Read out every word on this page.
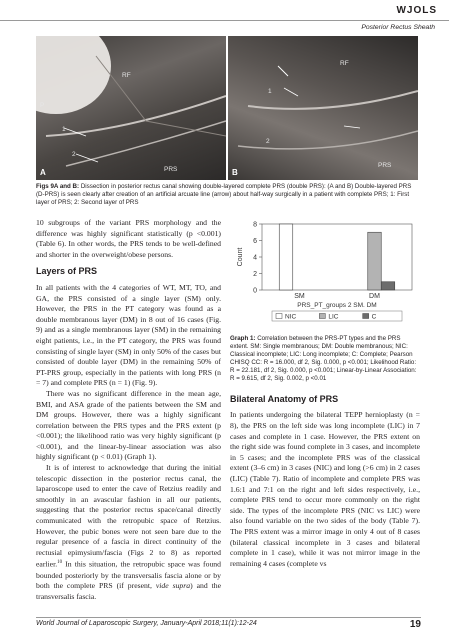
WJOLS
Posterior Rectus Sheath
RF
P
1
2
PRS
A
RF
1
2
PRS
B
Figs 9A and B: Dissection in posterior rectus canal showing double-layered complete PRS (double PRS): (A and B) Double-layered PRS (D-PRS) is seen clearly after creation of an artificial arcuate line (arrow) about half-way surgically in a patient with complete PRS; 1: First layer of PRS; 2: Second layer of PRS

10 subgroups of the variant PRS morphology and the difference was highly significant statistically (p <0.001) (Table 6). In other words, the PRS tends to be well-defined and shorter in the overweight/obese persons.

Layers of PRS

In all patients with the 4 categories of WT, MT, TO, and GA, the PRS consisted of a single layer (SM) only. However, the PRS in the PT category was found as a double membranous layer (DM) in 8 out of 16 cases (Fig. 9) and as a single membranous layer (SM) in the remaining eight patients, i.e., in the PT category, the PRS was found consisting of single layer (SM) in only 50% of the cases but consisted of double layer (DM) in the remaining 50% of PT-PRS group, especially in the patients with long PRS (n = 7) and complete PRS (n = 1) (Fig. 9).

There was no significant difference in the mean age, BMI, and ASA grade of the patients between the SM and DM groups. However, there was a highly significant correlation between the PRS types and the PRS extent (p <0.001); the likelihood ratio was very highly significant (p <0.001), and the linear-by-linear association was also highly significant (p < 0.01) (Graph 1).

It is of interest to acknowledge that during the initial telescopic dissection in the posterior rectus canal, the laparoscope used to enter the cave of Retzius readily and smoothly in an avascular fashion in all our patients, suggesting that the posterior rectus space/canal directly communicated with the retropubic space of Retzius. However, the pubic bones were not seen bare due to the regular presence of a fascia in direct continuity of the rectusial epimysium/fascia (Figs 2 to 8) as reported earlier.$^{10}$ In this situation, the retropubic space was found bounded posteriorly by the transversalis fascia alone or by both the complete PRS (if present, vide supra) and the transversalis fascia.

0
2
4
6
8
Count
SM	DM
PRS_PT_groups 2 SM. DM
NIC	LIC	C
Graph 1: Correlation between the PRS-PT types and the PRS extent. SM: Single membranous; DM: Double membranous; NIC: Classical incomplete; LIC: Long incomplete; C: Complete; Pearson CHISQ CC: R = 16.000, df 2, Sig. 0.000, p <0.001; Likelihood Ratio: R = 22.181, df 2, Sig. 0.000, p <0.001; Linear-by-Linear Association: R = 9.615, df 2, Sig. 0.002, p <0.01
Bilateral Anatomy of PRS

In patients undergoing the bilateral TEPP hernioplasty (n = 8), the PRS on the left side was long incomplete (LIC) in 7 cases and complete in 1 case. However, the PRS extent on the right side was found complete in 3 cases, and incomplete in 5 cases; and the incomplete PRS was of the classical extent (3–6 cm) in 3 cases (NIC) and long (>6 cm) in 2 cases (LIC) (Table 7). Ratio of incomplete and complete PRS was 1.6:1 and 7:1 on the right and left sides respectively, i.e., complete PRS tend to occur more commonly on the right side. The types of the incomplete PRS (NIC vs LIC) were also found variable on the two sides of the body (Table 7). The PRS extent was a mirror image in only 4 out of 8 cases (bilateral classical incomplete in 3 cases and bilateral complete in 1 case), while it was not mirror image in the remaining 4 cases (complete vs

World Journal of Laparoscopic Surgery, January-April 2018;11(1):12-24	19
